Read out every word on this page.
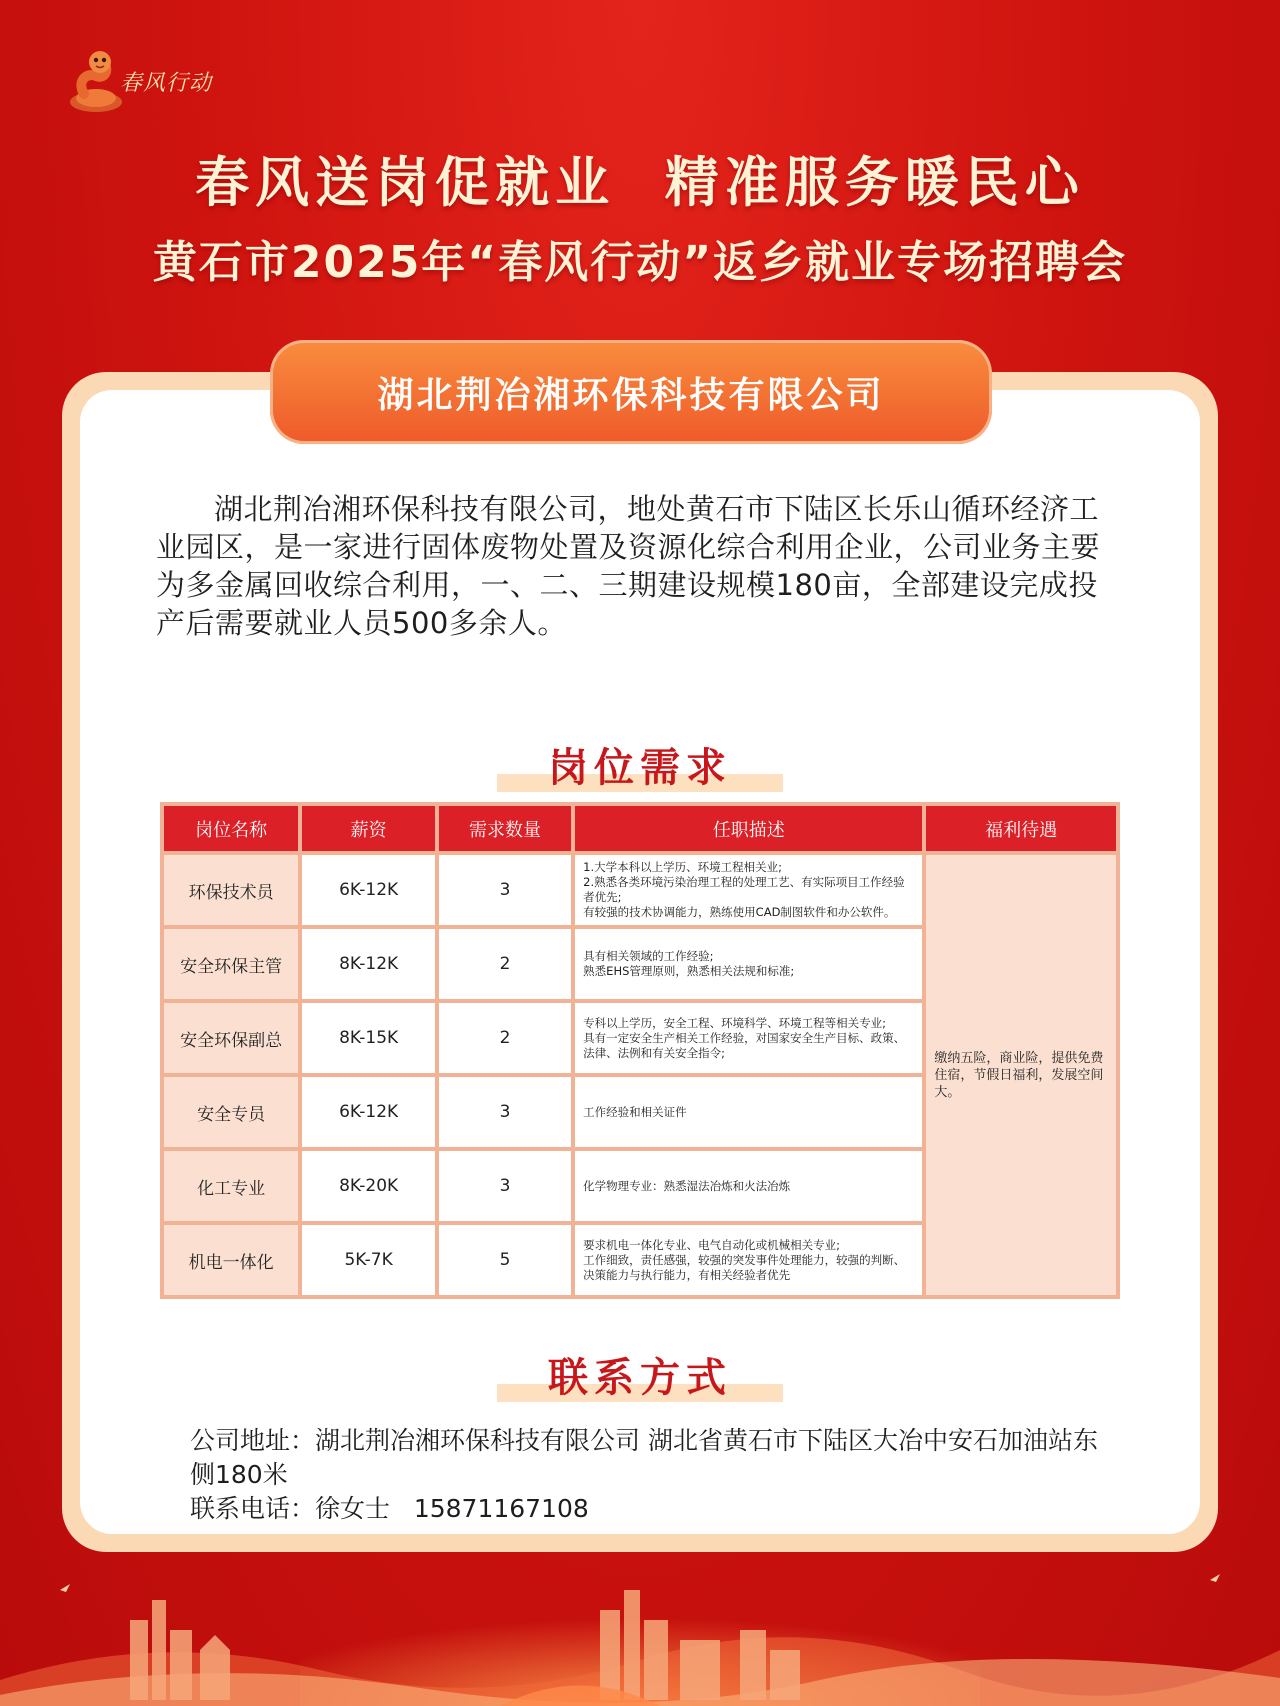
春风行动
春风送岗促就业  精准服务暖民心
黄石市2025年“春风行动”返乡就业专场招聘会
湖北荆冶湘环保科技有限公司
湖北荆冶湘环保科技有限公司，地处黄石市下陆区长乐山循环经济工业园区，是一家进行固体废物处置及资源化综合利用企业，公司业务主要为多金属回收综合利用，一、二、三期建设规模180亩，全部建设完成投产后需要就业人员500多余人。
岗位需求
岗位名称	薪资	需求数量	任职描述	福利待遇
环保技术员	6K-12K	3	1.大学本科以上学历、环境工程相关业;
2.熟悉各类环境污染治理工程的处理工艺、有实际项目工作经验者优先;
有较强的技术协调能力，熟练使用CAD制图软件和办公软件。	缴纳五险，商业险，提供免费住宿，节假日福利，发展空间大。
安全环保主管	8K-12K	2	具有相关领域的工作经验;
熟悉EHS管理原则，熟悉相关法规和标准;	
安全环保副总	8K-15K	2	专科以上学历，安全工程、环境科学、环境工程等相关专业;
具有一定安全生产相关工作经验，对国家安全生产目标、政策、法律、法例和有关安全指令;	
安全专员	6K-12K	3	工作经验和相关证件	
化工专业	8K-20K	3	化学物理专业：熟悉湿法冶炼和火法冶炼	
机电一体化	5K-7K	5	要求机电一体化专业、电气自动化或机械相关专业;
工作细致，责任感强，较强的突发事件处理能力，较强的判断、决策能力与执行能力，有相关经验者优先	
联系方式
公司地址：湖北荆冶湘环保科技有限公司 湖北省黄石市下陆区大冶中安石加油站东侧180米
联系电话：徐女士   15871167108
